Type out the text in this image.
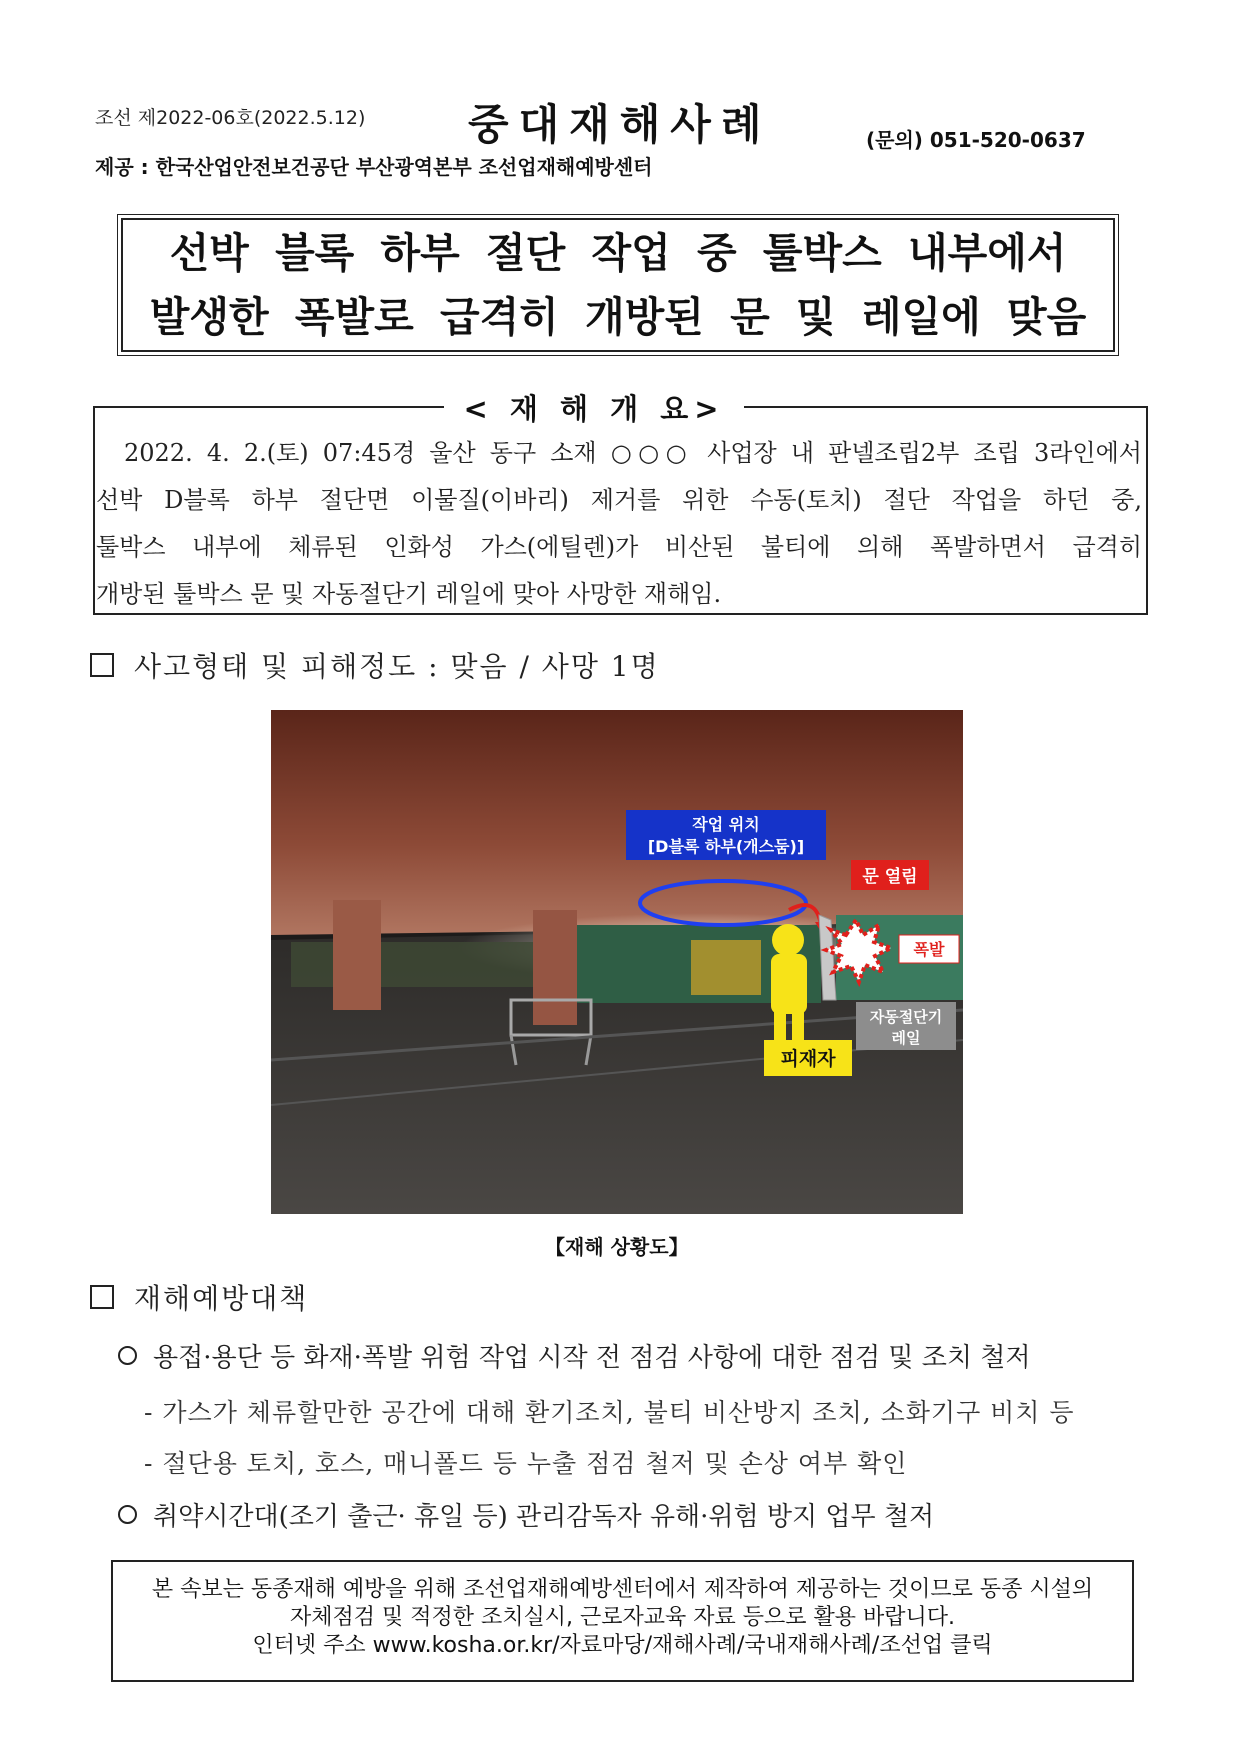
조선 제2022-06호(2022.5.12) 중대재해사례	(문의) 051-520-0637
제공 : 한국산업안전보건공단 부산광역본부 조선업재해예방센터
선박 블록 하부 절단 작업 중 툴박스 내부에서
발생한 폭발로 급격히 개방된 문 및 레일에 맞음
< 재 해 개 요>
2022. 4. 2.(토) 07:45경 울산 동구 소재 ○○○ 사업장 내 판넬조립2부 조립 3라인에서
선박 D블록 하부 절단면 이물질(이바리) 제거를 위한 수동(토치) 절단 작업을 하던 중,
툴박스 내부에 체류된 인화성 가스(에틸렌)가 비산된 불티에 의해 폭발하면서 급격히
개방된 툴박스 문 및 자동절단기 레일에 맞아 사망한 재해임.
사고형태 및 피해정도 : 맞음 / 사망 1명
작업 위치
[D블록 하부(개스둠)]
문 열림
폭발
자동절단기
레일
피재자
【재해 상황도】
재해예방대책
용접·용단 등 화재·폭발 위험 작업 시작 전 점검 사항에 대한 점검 및 조치 철저
- 가스가 체류할만한 공간에 대해 환기조치, 불티 비산방지 조치, 소화기구 비치 등
- 절단용 토치, 호스, 매니폴드 등 누출 점검 철저 및 손상 여부 확인
취약시간대(조기 출근· 휴일 등) 관리감독자 유해·위험 방지 업무 철저
본 속보는 동종재해 예방을 위해 조선업재해예방센터에서 제작하여 제공하는 것이므로 동종 시설의
자체점검 및 적정한 조치실시, 근로자교육 자료 등으로 활용 바랍니다.
인터넷 주소 www.kosha.or.kr/자료마당/재해사례/국내재해사례/조선업 클릭
